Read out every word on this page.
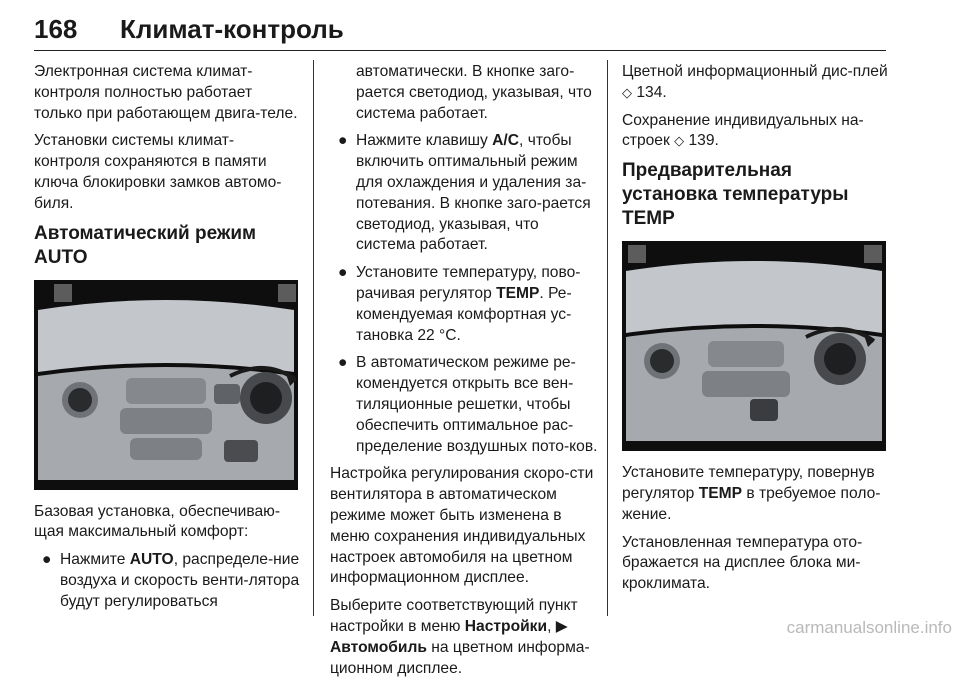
168 Климат-контроль

Электронная система климат-контроля полностью работает только при работающем двига-теле.

Установки системы климат-контроля сохраняются в памяти ключа блокировки замков автомо-биля.

Автоматический режим AUTO

Базовая установка, обеспечиваю-щая максимальный комфорт:

● Нажмите AUTO, распределе-ние воздуха и скорость венти-лятора будут регулироваться

автоматически. В кнопке заго-рается светодиод, указывая, что система работает.

● Нажмите клавишу A/C, чтобы включить оптимальный режим для охлаждения и удаления за-потевания. В кнопке заго-рается светодиод, указывая, что система работает.
● Установите температуру, пово-рачивая регулятор TEMP. Ре-комендуемая комфортная ус-тановка 22 °C.
● В автоматическом режиме ре-комендуется открыть все вен-тиляционные решетки, чтобы обеспечить оптимальное рас-пределение воздушных пото-ков.

Настройка регулирования скоро-сти вентилятора в автоматическом режиме может быть изменена в меню сохранения индивидуальных настроек автомобиля на цветном информационном дисплее.

Выберите соответствующий пункт настройки в меню Настройки, ▶ Автомобиль на цветном информа-ционном дисплее.

Цветной информационный дис-плей ◇ 134.

Сохранение индивидуальных на-строек ◇ 139.

Предварительная установка температуры TEMP

Установите температуру, повернув регулятор TEMP в требуемое поло-жение.

Установленная температура ото-бражается на дисплее блока ми-кроклимата.

carmanualsonline.info
